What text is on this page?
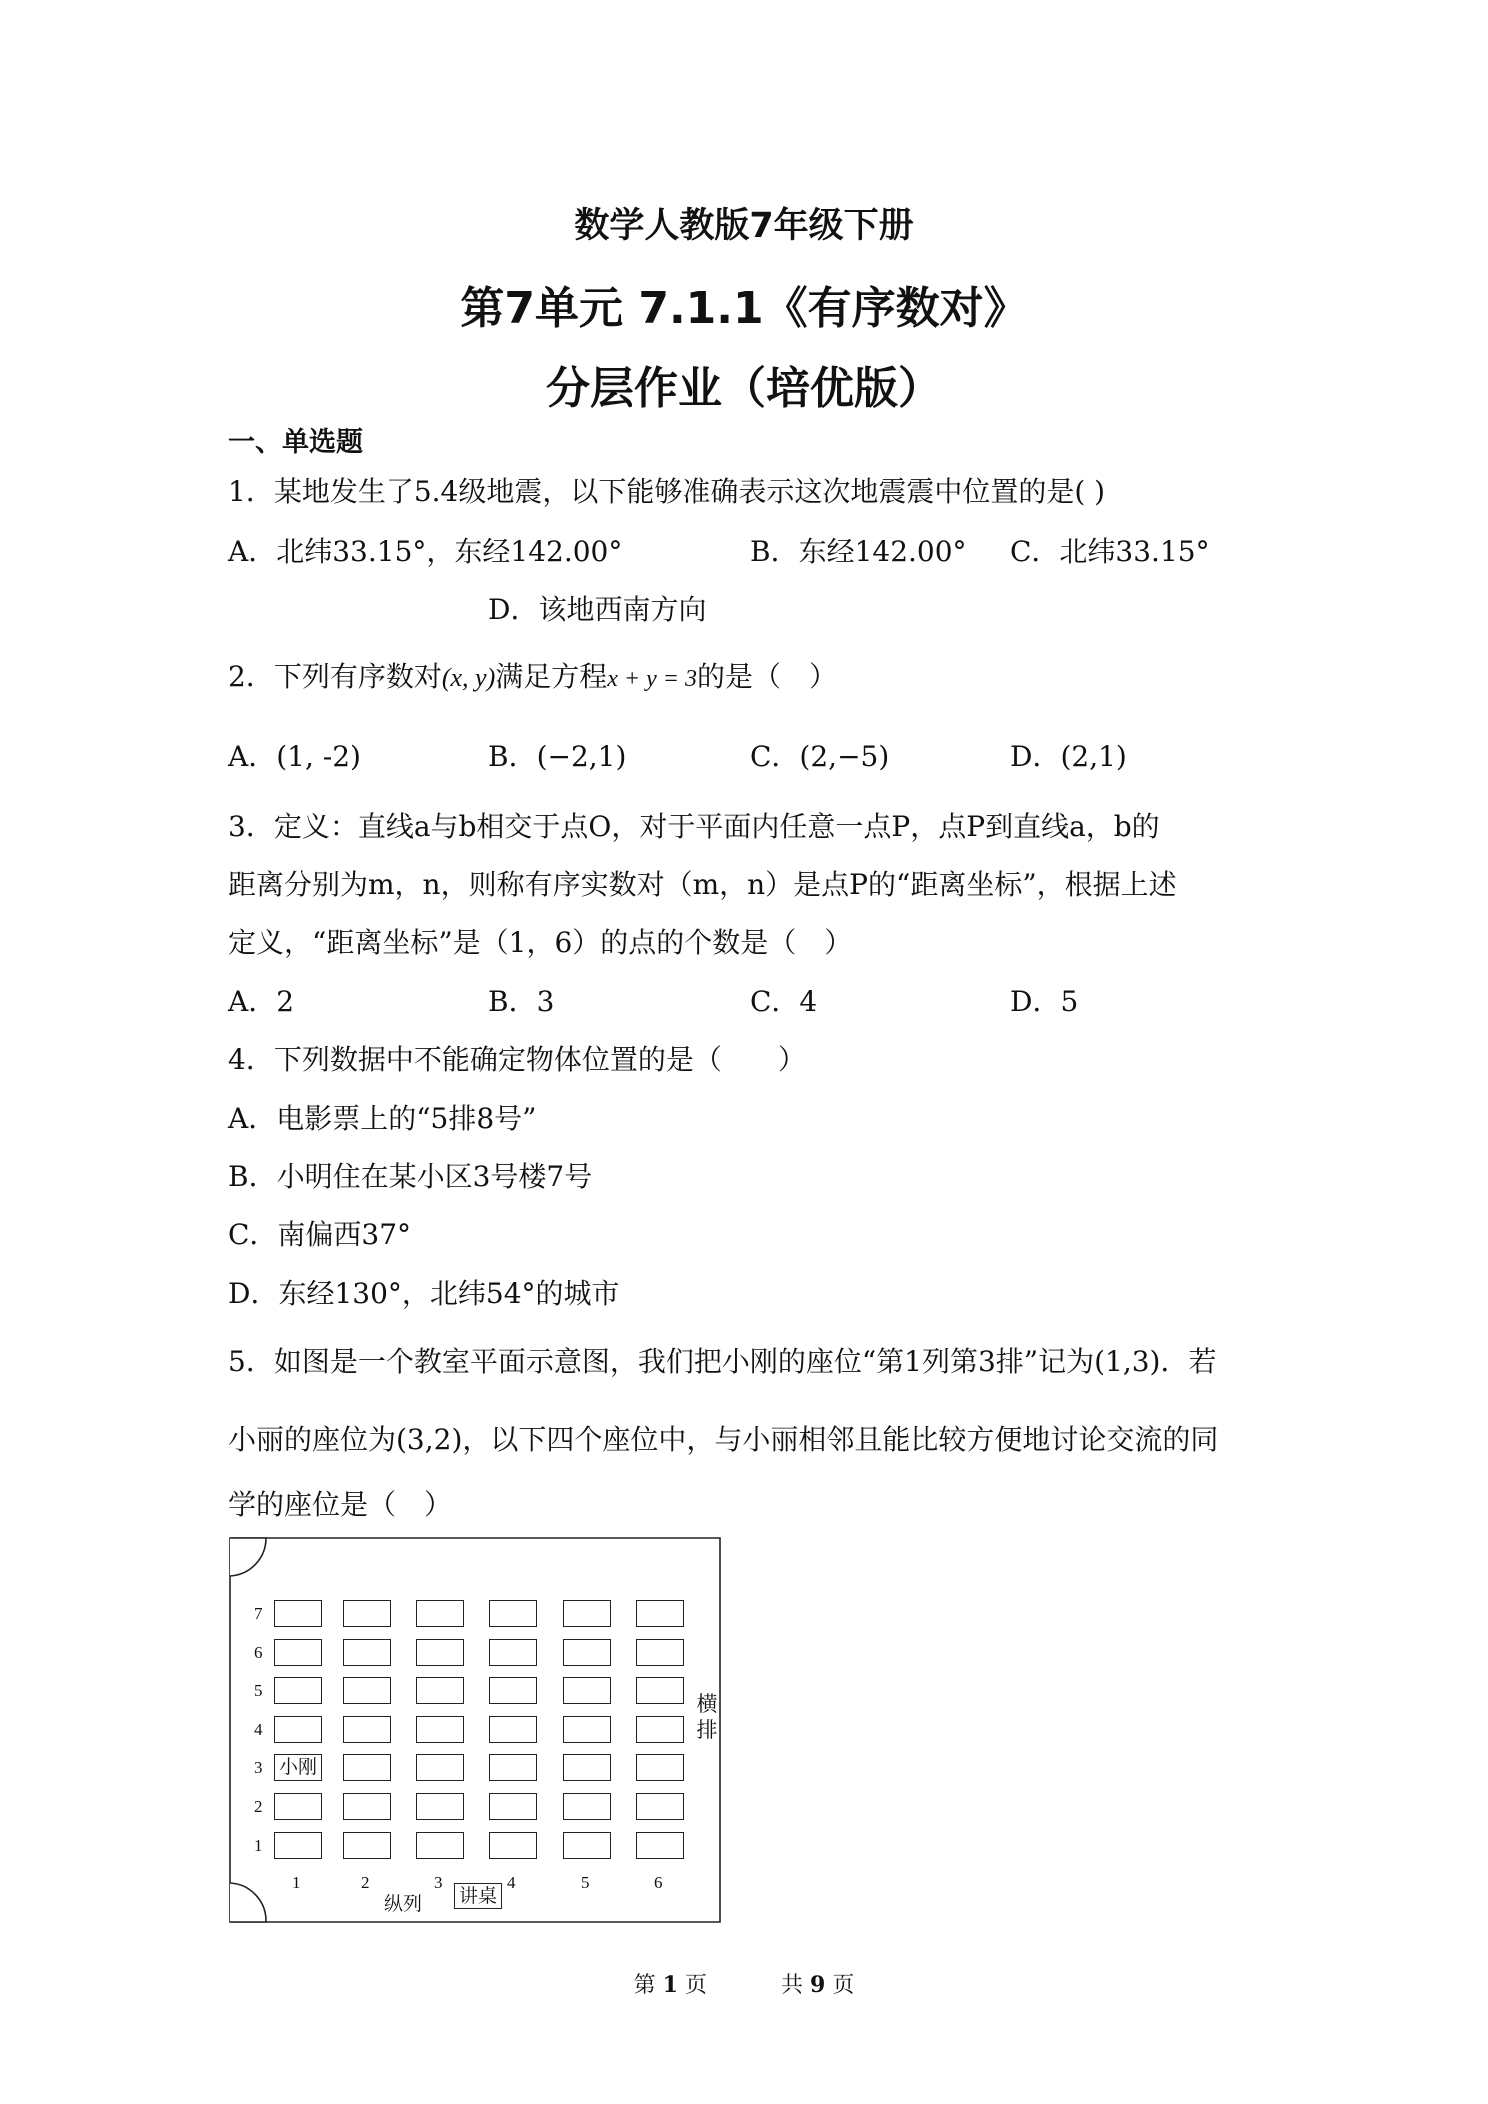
数学人教版7年级下册
第7单元 7.1.1《有序数对》
分层作业（培优版）
一、单选题
1．某地发生了5.4级地震，以下能够准确表示这次地震震中位置的是( )
A．北纬33.15°，东经142.00°	B．东经142.00° C．北纬33.15°
D．该地西南方向
2．下列有序数对(x, y)满足方程x + y = 3的是（　）
A．(1, -2)	B．(−2,1)	C．(2,−5)	D．(2,1)
3．定义：直线a与b相交于点O，对于平面内任意一点P，点P到直线a，b的
距离分别为m，n，则称有序实数对（m，n）是点P的“距离坐标”，根据上述
定义，“距离坐标”是（1，6）的点的个数是（　）
A．2	B．3	C．4	D．5
4．下列数据中不能确定物体位置的是（　　）
A．电影票上的“5排8号”
B．小明住在某小区3号楼7号
C．南偏西37°
D．东经130°，北纬54°的城市
5．如图是一个教室平面示意图，我们把小刚的座位“第1列第3排”记为(1,3)．若
小丽的座位为(3,2)，以下四个座位中，与小丽相邻且能比较方便地讨论交流的同
学的座位是（　）
7
6
5
4
3 小刚
2
1
1	2	3	4	5	6
横
排
纵列 讲桌
第 1 页	共 9 页
